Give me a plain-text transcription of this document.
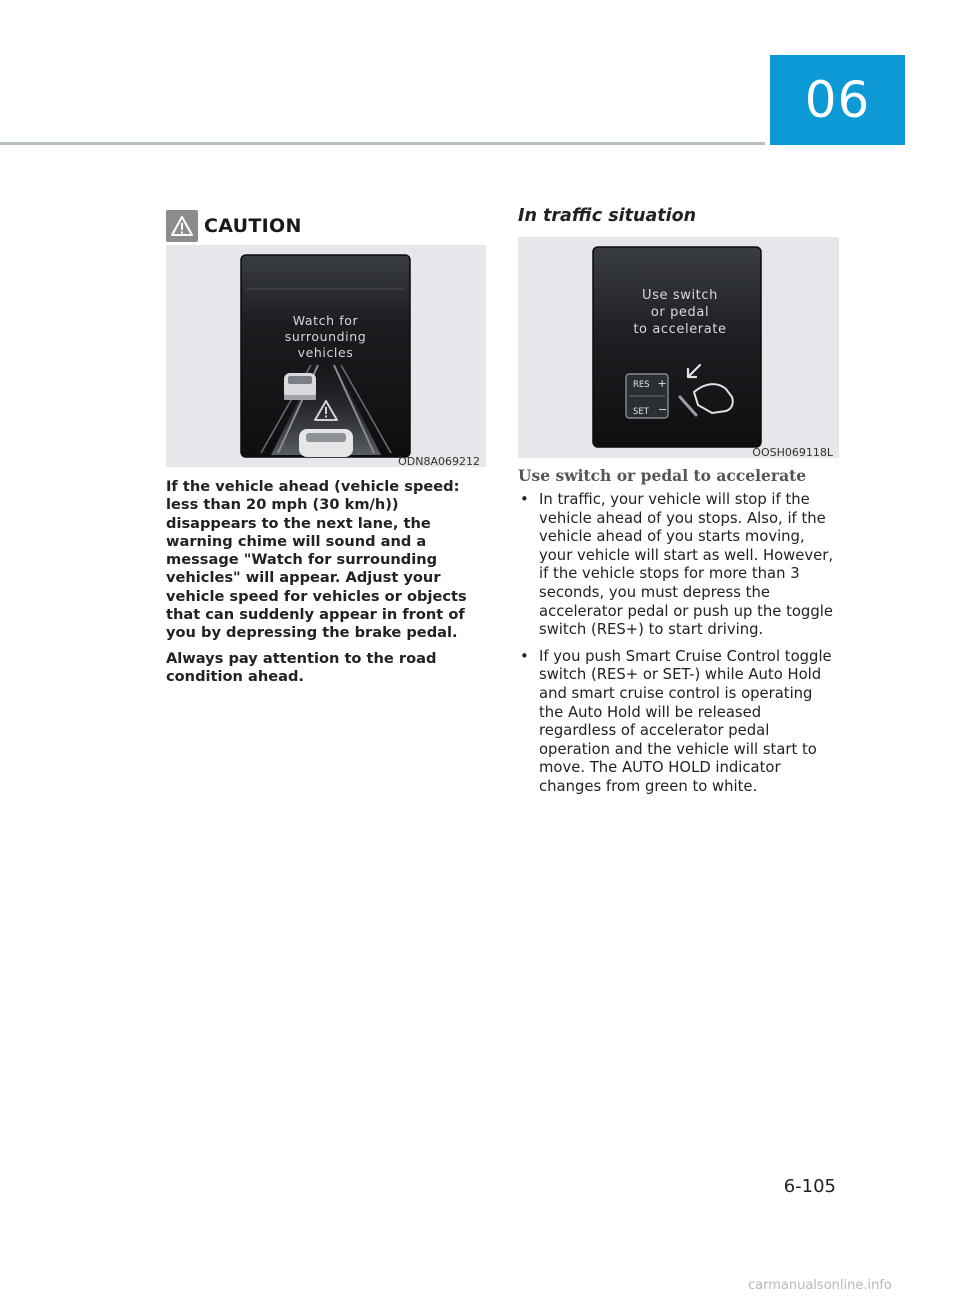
06
CAUTION
Watch for
surrounding
vehicles
ODN8A069212

If the vehicle ahead (vehicle speed: less than 20 mph (30 km/h)) disappears to the next lane, the warning chime will sound and a message "Watch for surrounding vehicles" will appear. Adjust your vehicle speed for vehicles or objects that can suddenly appear in front of you by depressing the brake pedal.

Always pay attention to the road condition ahead.

In traffic situation
Use switch
or pedal
to accelerate
RES +
SET −
OOSH069118L
Use switch or pedal to accelerate
• In traffic, your vehicle will stop if the vehicle ahead of you stops. Also, if the vehicle ahead of you starts moving, your vehicle will start as well. However, if the vehicle stops for more than 3 seconds, you must depress the accelerator pedal or push up the toggle switch (RES+) to start driving.
• If you push Smart Cruise Control toggle switch (RES+ or SET-) while Auto Hold and smart cruise control is operating the Auto Hold will be released regardless of accelerator pedal operation and the vehicle will start to move. The AUTO HOLD indicator changes from green to white.
6-105
carmanualsonline.info
